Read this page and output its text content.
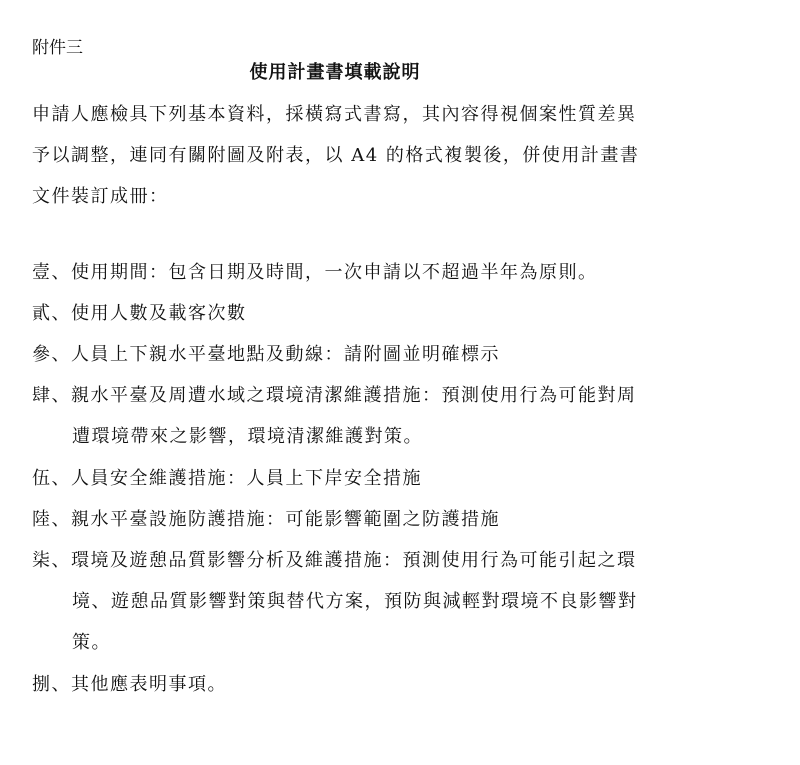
附件三
使用計畫書填載說明
申請人應檢具下列基本資料，採橫寫式書寫，其內容得視個案性質差異
予以調整，連同有關附圖及附表，以 A4 的格式複製後，併使用計畫書
文件裝訂成冊：
壹、使用期間：包含日期及時間，一次申請以不超過半年為原則。
貳、使用人數及載客次數
參、人員上下親水平臺地點及動線：請附圖並明確標示
肆、親水平臺及周遭水域之環境清潔維護措施：預測使用行為可能對周
遭環境帶來之影響，環境清潔維護對策。
伍、人員安全維護措施：人員上下岸安全措施
陸、親水平臺設施防護措施：可能影響範圍之防護措施
柒、環境及遊憩品質影響分析及維護措施：預測使用行為可能引起之環
境、遊憩品質影響對策與替代方案，預防與減輕對環境不良影響對
策。
捌、其他應表明事項。
